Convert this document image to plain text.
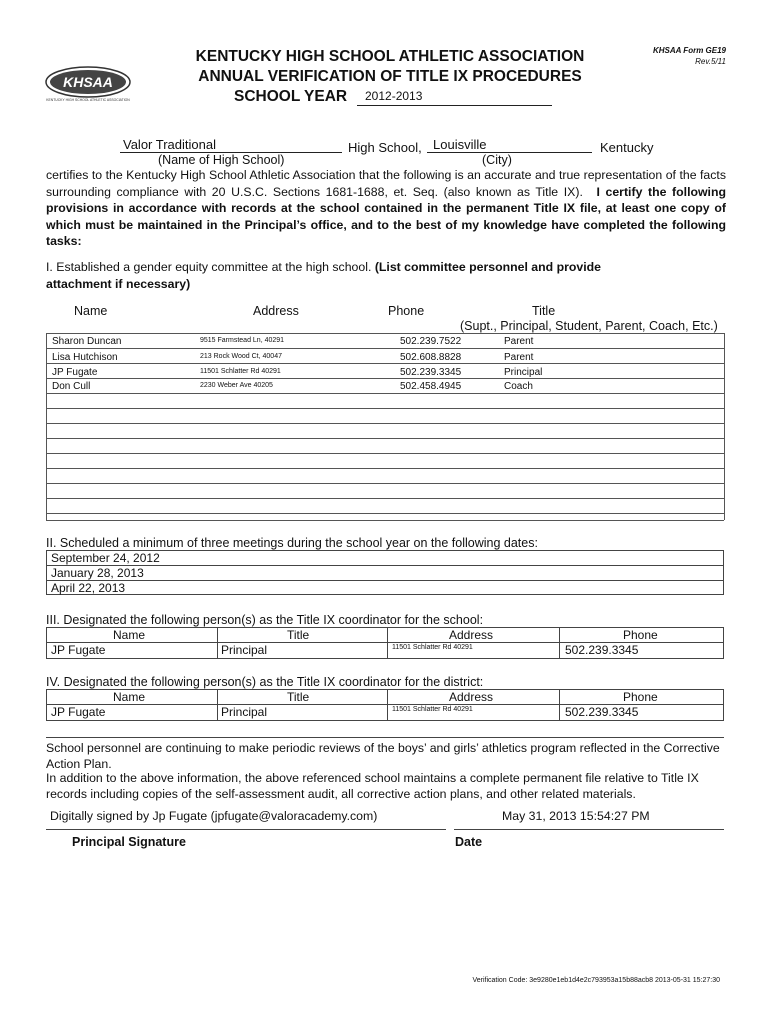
KHSAA
KENTUCKY HIGH SCHOOL ATHLETIC ASSOCIATION
KENTUCKY HIGH SCHOOL ATHLETIC ASSOCIATION
ANNUAL VERIFICATION OF TITLE IX PROCEDURES
SCHOOL YEAR 2012-2013
KHSAA Form GE19
Rev.5/11
Valor Traditional	High School, Louisville	Kentucky
(Name of High School)	(City)
certifies to the Kentucky High School Athletic Association that the following is an accurate and true representation of the facts surrounding compliance with 20 U.S.C. Sections 1681-1688, et. Seq. (also known as Title IX). I certify the following provisions in accordance with records at the school contained in the permanent Title IX file, at least one copy of which must be maintained in the Principal’s office, and to the best of my knowledge have completed the following tasks:
I. Established a gender equity committee at the high school. (List committee personnel and provide attachment if necessary)
Name	Address	Phone	Title
(Supt., Principal, Student, Parent, Coach, Etc.)
Sharon Duncan	9515 Farmstead Ln, 40291	502.239.7522	Parent
Lisa Hutchison	213 Rock Wood Ct, 40047	502.608.8828	Parent
JP Fugate	11501 Schlatter Rd 40291	502.239.3345	Principal
Don Cull	2230 Weber Ave 40205	502.458.4945	Coach
II. Scheduled a minimum of three meetings during the school year on the following dates:
September 24, 2012
January 28, 2013
April 22, 2013
III. Designated the following person(s) as the Title IX coordinator for the school:
Name	Title	Address	Phone
JP Fugate	Principal	11501 Schlatter Rd 40291	502.239.3345
IV. Designated the following person(s) as the Title IX coordinator for the district:
Name	Title	Address	Phone
JP Fugate	Principal	11501 Schlatter Rd 40291	502.239.3345
School personnel are continuing to make periodic reviews of the boys’ and girls’ athletics program reflected in the Corrective Action Plan.
In addition to the above information, the above referenced school maintains a complete permanent file relative to Title IX records including copies of the self-assessment audit, all corrective action plans, and other related materials.
Digitally signed by Jp Fugate (jpfugate@valoracademy.com)	May 31, 2013 15:54:27 PM
Principal Signature	Date
Verification Code: 3e9280e1eb1d4e2c793953a15b88acb8 2013-05-31 15:27:30
